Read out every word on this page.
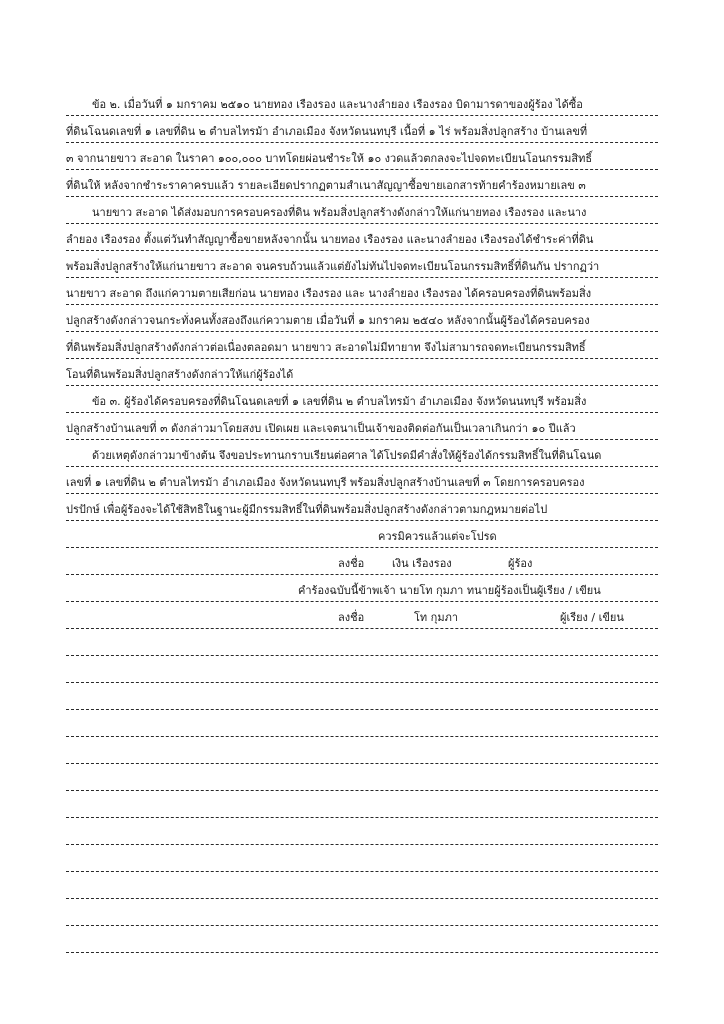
ข้อ ๒. เมื่อวันที่ ๑ มกราคม ๒๕๑๐ นายทอง เรืองรอง และนางลำยอง เรืองรอง บิดามารดาของผู้ร้อง ได้ซื้อ
ที่ดินโฉนดเลขที่ ๑ เลขที่ดิน ๒ ตำบลไทรม้า อำเภอเมือง จังหวัดนนทบุรี เนื้อที่ ๑ ไร่ พร้อมสิ่งปลูกสร้าง บ้านเลขที่
๓ จากนายขาว สะอาด ในราคา ๑๐๐,๐๐๐ บาทโดยผ่อนชำระให้ ๑๐ งวดแล้วตกลงจะไปจดทะเบียนโอนกรรมสิทธิ์
ที่ดินให้ หลังจากชำระราคาครบแล้ว รายละเอียดปรากฏตามสำเนาสัญญาซื้อขายเอกสารท้ายคำร้องหมายเลข ๓
นายขาว สะอาด ได้ส่งมอบการครอบครองที่ดิน พร้อมสิ่งปลูกสร้างดังกล่าวให้แก่นายทอง เรืองรอง และนาง
ลำยอง เรืองรอง ตั้งแต่วันทำสัญญาซื้อขายหลังจากนั้น นายทอง เรืองรอง และนางลำยอง เรืองรองได้ชำระค่าที่ดิน
พร้อมสิ่งปลูกสร้างให้แก่นายขาว สะอาด จนครบถ้วนแล้วแต่ยังไม่ทันไปจดทะเบียนโอนกรรมสิทธิ์ที่ดินกัน ปรากฏว่า
นายขาว สะอาด ถึงแก่ความตายเสียก่อน นายทอง เรืองรอง และ นางลำยอง เรืองรอง ได้ครอบครองที่ดินพร้อมสิ่ง
ปลูกสร้างดังกล่าวจนกระทั่งคนทั้งสองถึงแก่ความตาย เมื่อวันที่ ๑ มกราคม ๒๕๔๐ หลังจากนั้นผู้ร้องได้ครอบครอง
ที่ดินพร้อมสิ่งปลูกสร้างดังกล่าวต่อเนื่องตลอดมา นายขาว สะอาดไม่มีทายาท จึงไม่สามารถจดทะเบียนกรรมสิทธิ์
โอนที่ดินพร้อมสิ่งปลูกสร้างดังกล่าวให้แก่ผู้ร้องได้
ข้อ ๓. ผู้ร้องได้ครอบครองที่ดินโฉนดเลขที่ ๑ เลขที่ดิน ๒ ตำบลไทรม้า อำเภอเมือง จังหวัดนนทบุรี พร้อมสิ่ง
ปลูกสร้างบ้านเลขที่ ๓ ดังกล่าวมาโดยสงบ เปิดเผย และเจตนาเป็นเจ้าของติดต่อกันเป็นเวลาเกินกว่า ๑๐ ปีแล้ว
ด้วยเหตุดังกล่าวมาข้างต้น จึงขอประทานกราบเรียนต่อศาล ได้โปรดมีคำสั่งให้ผู้ร้องได้กรรมสิทธิ์ในที่ดินโฉนด
เลขที่ ๑ เลขที่ดิน ๒ ตำบลไทรม้า อำเภอเมือง จังหวัดนนทบุรี พร้อมสิ่งปลูกสร้างบ้านเลขที่ ๓ โดยการครอบครอง
ปรปักษ์ เพื่อผู้ร้องจะได้ใช้สิทธิในฐานะผู้มีกรรมสิทธิ์ในที่ดินพร้อมสิ่งปลูกสร้างดังกล่าวตามกฎหมายต่อไป
ควรมิควรแล้วแต่จะโปรด
ลงชื่อ	เงิน เรืองรอง	ผู้ร้อง
คำร้องฉบับนี้ข้าพเจ้า นายโท กุมภา ทนายผู้ร้องเป็นผู้เรียง / เขียน
ลงชื่อ	โท กุมภา	ผู้เรียง / เขียน
